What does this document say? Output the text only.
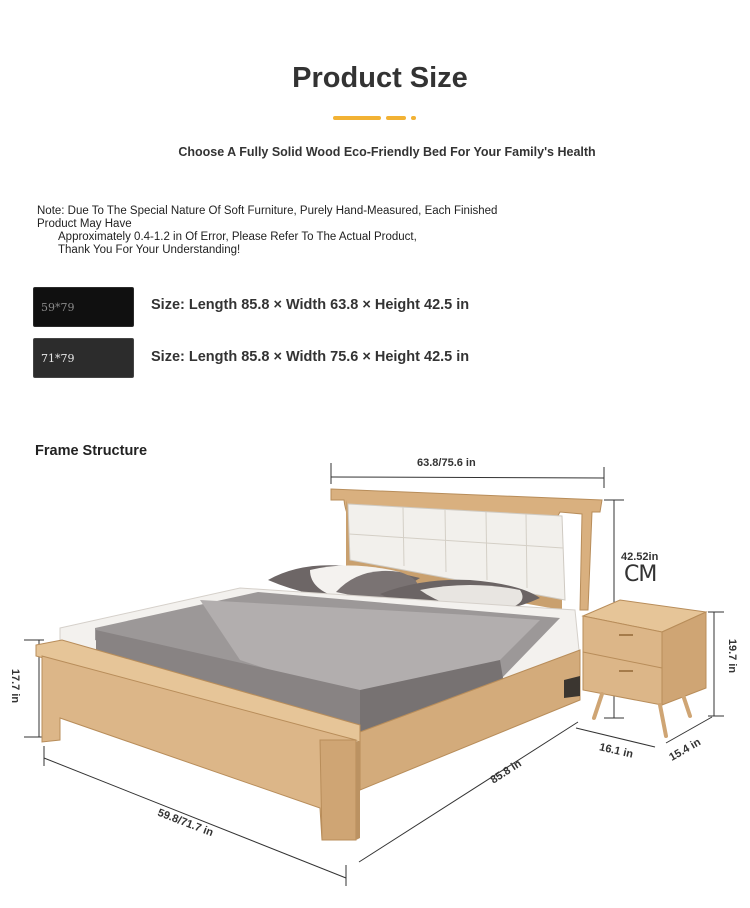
Product Size
Choose A Fully Solid Wood Eco-Friendly Bed For Your Family's Health
Note: Due To The Special Nature Of Soft Furniture, Purely Hand-Measured, Each Finished
Product May Have
Approximately 0.4-1.2 in Of Error, Please Refer To The Actual Product,
Thank You For Your Understanding!
59*79	Size: Length 85.8 × Width 63.8 × Height 42.5 in
71*79	Size: Length 85.8 × Width 75.6 × Height 42.5 in
Frame Structure
63.8/75.6 in
42.52in
CM
17.7 in
85.8 in
59.8/71.7 in
19.7 in
16.1 in	15.4 in
